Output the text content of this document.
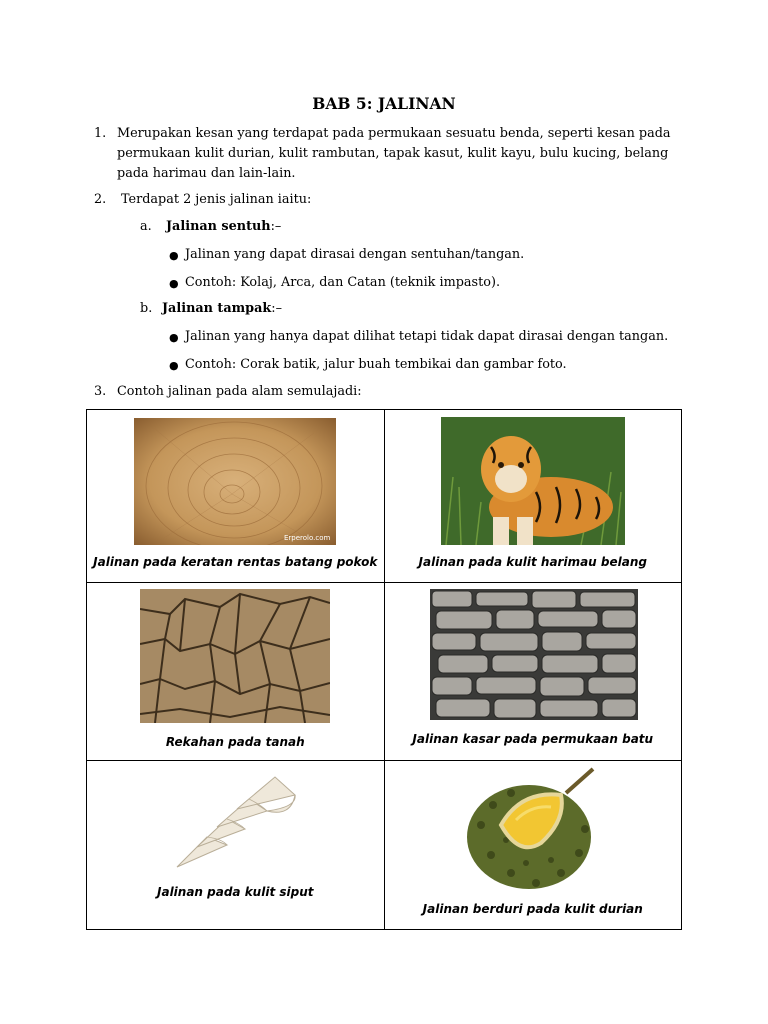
BAB 5: JALINAN
1. Merupakan kesan yang terdapat pada permukaan sesuatu benda, seperti kesan pada
permukaan kulit durian, kulit rambutan, tapak kasut, kulit kayu, bulu kucing, belang
pada harimau dan lain-lain.
2. Terdapat 2 jenis jalinan iaitu:
a. Jalinan sentuh:–
● Jalinan yang dapat dirasai dengan sentuhan/tangan.
● Contoh: Kolaj, Arca, dan Catan (teknik impasto).
b. Jalinan tampak:–
● Jalinan yang hanya dapat dilihat tetapi tidak dapat dirasai dengan tangan.
● Contoh: Corak batik, jalur buah tembikai dan gambar foto.
3. Contoh jalinan pada alam semulajadi:
Erperolo.com
Jalinan pada keratan rentas batang pokok	Jalinan pada kulit harimau belang

Rekahan pada tanah	Jalinan kasar pada permukaan batu

Jalinan pada kulit siput	Jalinan berduri pada kulit durian
